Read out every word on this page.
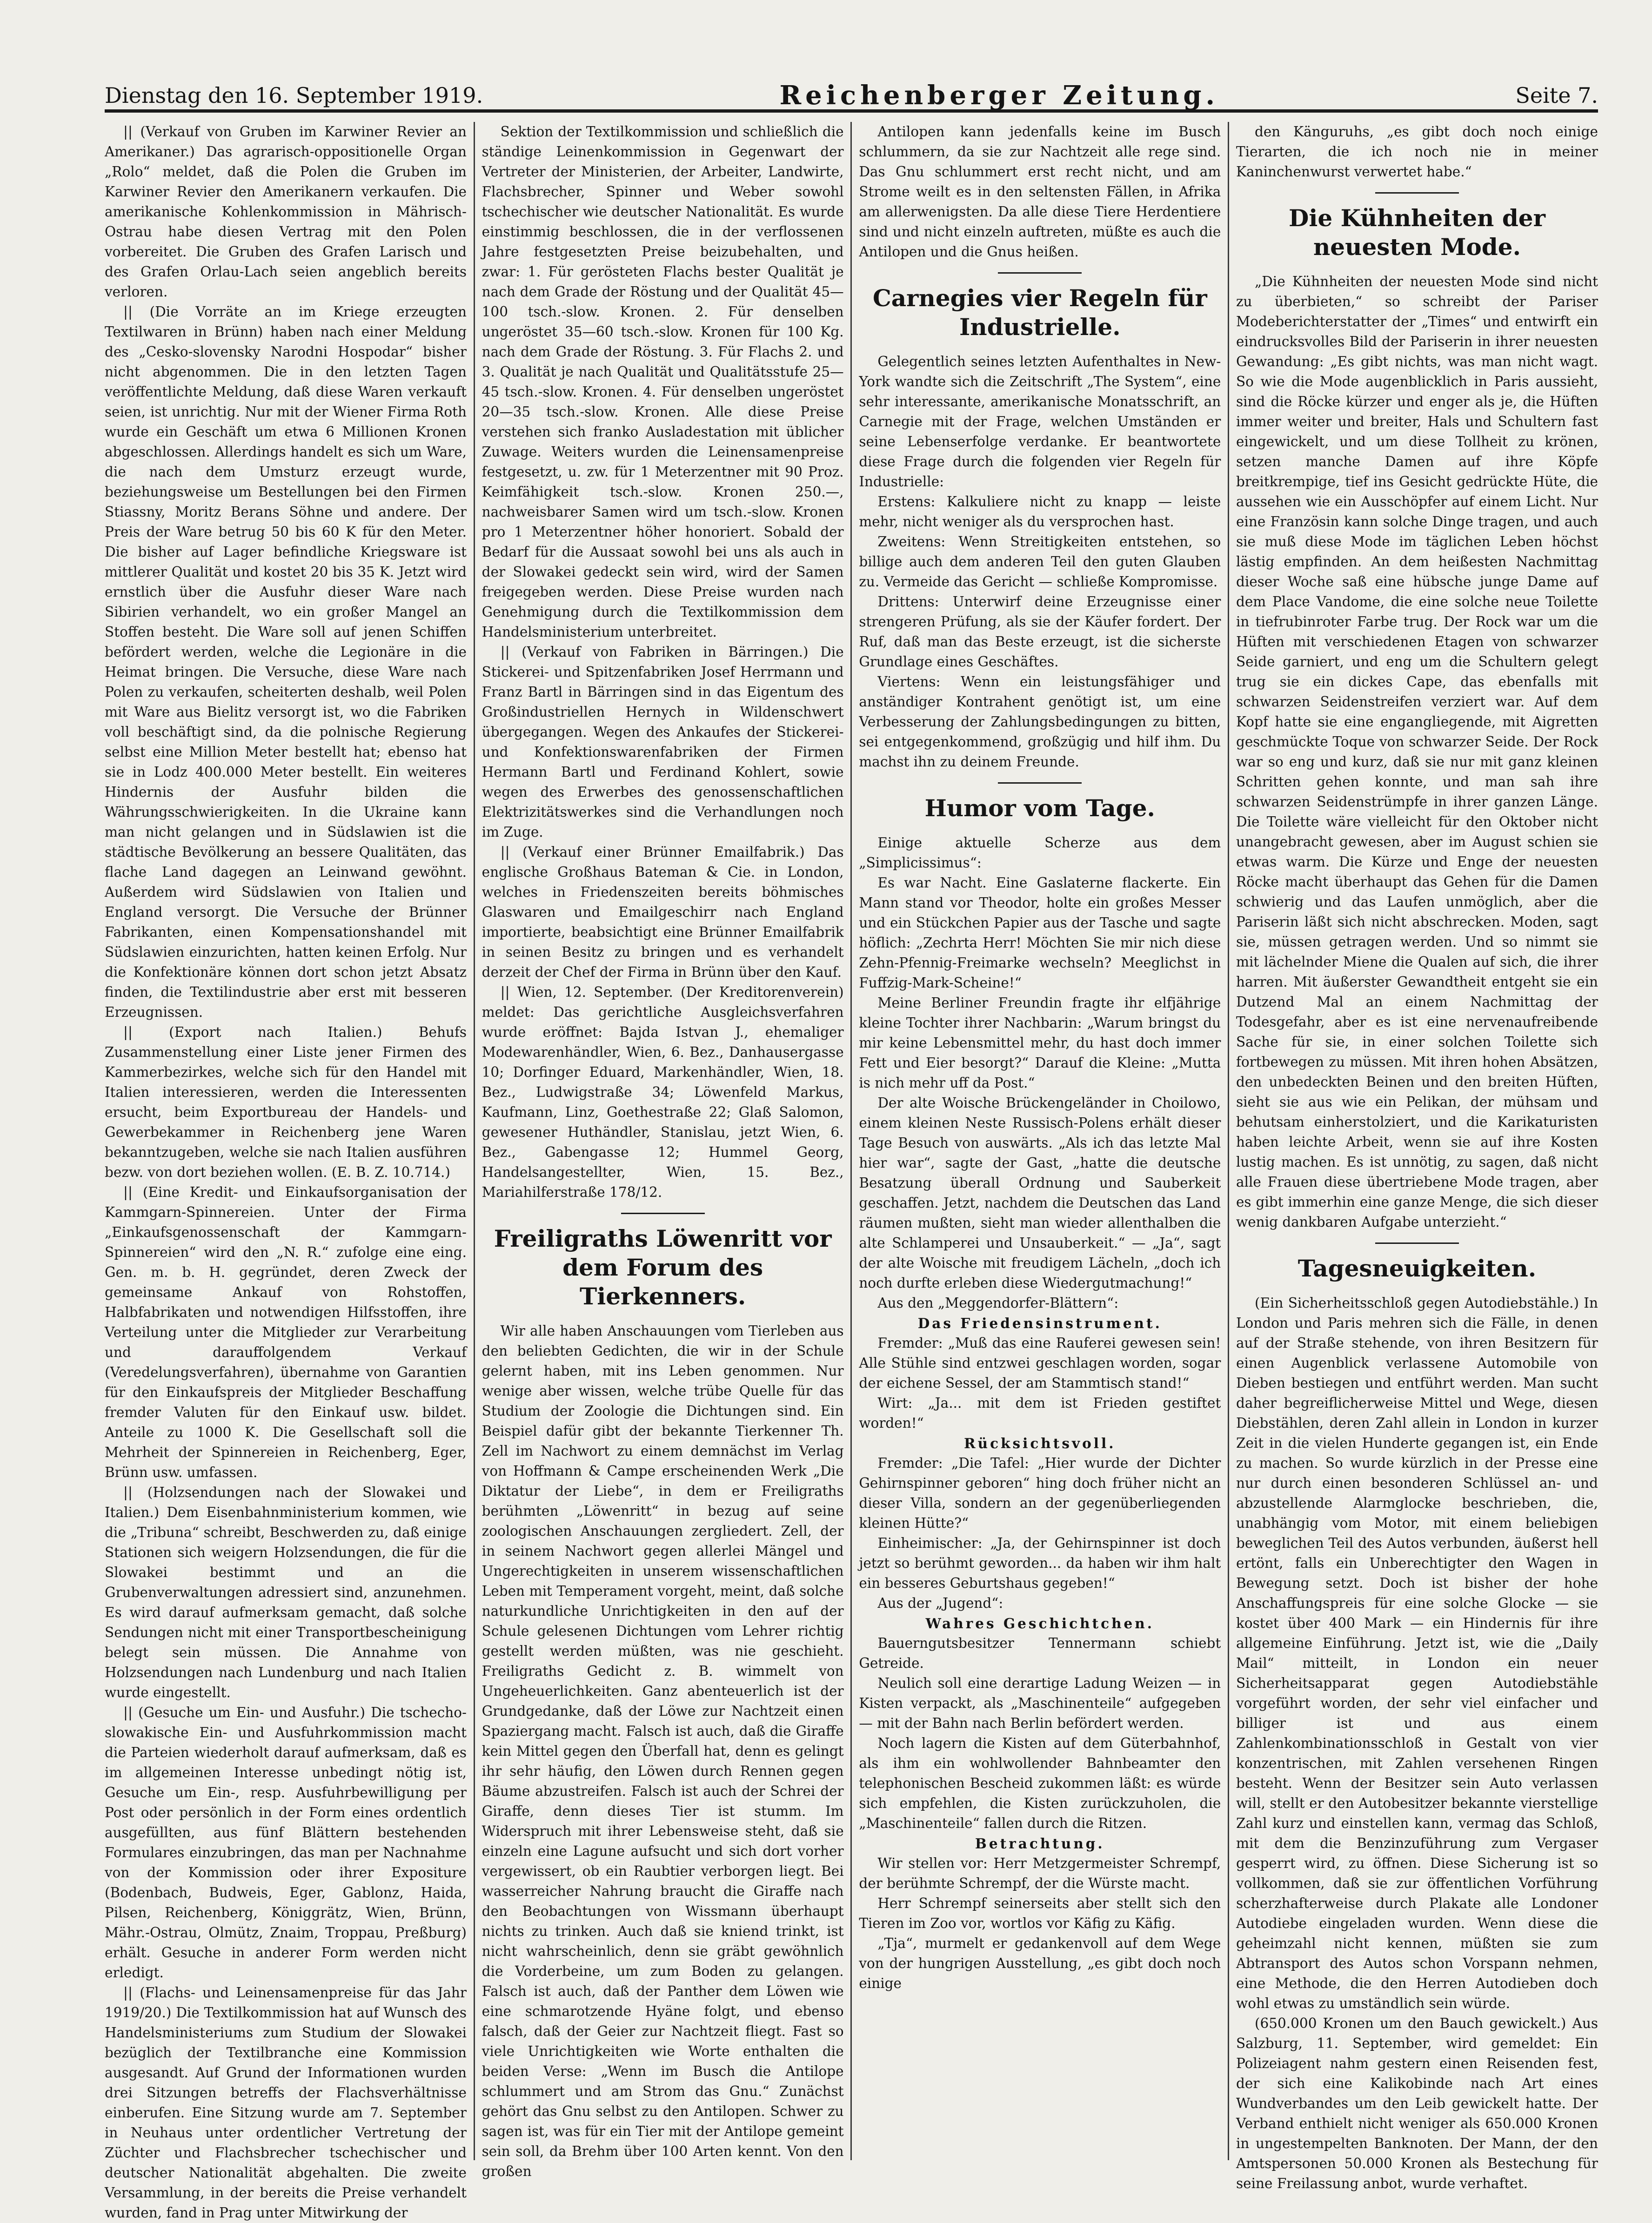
Dienstag den 16. September 1919.	Reichenberger Zeitung.	Seite 7.

|| (Verkauf von Gruben im Karwiner Revier an Amerikaner.) Das agrarisch-oppositionelle Organ „Rolo“ meldet, daß die Polen die Gruben im Karwiner Revier den Amerikanern verkaufen. Die amerikanische Kohlenkommission in Mährisch-Ostrau habe diesen Vertrag mit den Polen vorbereitet. Die Gruben des Grafen Larisch und des Grafen Orlau-Lach seien angeblich bereits verloren.

|| (Die Vorräte an im Kriege erzeugten Textilwaren in Brünn) haben nach einer Meldung des „Cesko-slovensky Narodni Hospodar“ bisher nicht abgenommen. Die in den letzten Tagen veröffentlichte Meldung, daß diese Waren verkauft seien, ist unrichtig. Nur mit der Wiener Firma Roth wurde ein Geschäft um etwa 6 Millionen Kronen abgeschlossen. Allerdings handelt es sich um Ware, die nach dem Umsturz erzeugt wurde, beziehungsweise um Bestellungen bei den Firmen Stiassny, Moritz Berans Söhne und andere. Der Preis der Ware betrug 50 bis 60 K für den Meter. Die bisher auf Lager befindliche Kriegsware ist mittlerer Qualität und kostet 20 bis 35 K. Jetzt wird ernstlich über die Ausfuhr dieser Ware nach Sibirien verhandelt, wo ein großer Mangel an Stoffen besteht. Die Ware soll auf jenen Schiffen befördert werden, welche die Legionäre in die Heimat bringen. Die Versuche, diese Ware nach Polen zu verkaufen, scheiterten deshalb, weil Polen mit Ware aus Bielitz versorgt ist, wo die Fabriken voll beschäftigt sind, da die polnische Regierung selbst eine Million Meter bestellt hat; ebenso hat sie in Lodz 400.000 Meter bestellt. Ein weiteres Hindernis der Ausfuhr bilden die Währungsschwierigkeiten. In die Ukraine kann man nicht gelangen und in Südslawien ist die städtische Bevölkerung an bessere Qualitäten, das flache Land dagegen an Leinwand gewöhnt. Außerdem wird Südslawien von Italien und England versorgt. Die Versuche der Brünner Fabrikanten, einen Kompensationshandel mit Südslawien einzurichten, hatten keinen Erfolg. Nur die Konfektionäre können dort schon jetzt Absatz finden, die Textilindustrie aber erst mit besseren Erzeugnissen.

|| (Export nach Italien.) Behufs Zusammenstellung einer Liste jener Firmen des Kammerbezirkes, welche sich für den Handel mit Italien interessieren, werden die Interessenten ersucht, beim Exportbureau der Handels- und Gewerbekammer in Reichenberg jene Waren bekanntzugeben, welche sie nach Italien ausführen bezw. von dort beziehen wollen. (E. B. Z. 10.714.)

|| (Eine Kredit- und Einkaufsorganisation der Kammgarn-Spinnereien. Unter der Firma „Einkaufsgenossenschaft der Kammgarn-Spinnereien“ wird den „N. R.“ zufolge eine eing. Gen. m. b. H. gegründet, deren Zweck der gemeinsame Ankauf von Rohstoffen, Halbfabrikaten und notwendigen Hilfsstoffen, ihre Verteilung unter die Mitglieder zur Verarbeitung und darauffolgendem Verkauf (Veredelungsverfahren), übernahme von Garantien für den Einkaufspreis der Mitglieder Beschaffung fremder Valuten für den Einkauf usw. bildet. Anteile zu 1000 K. Die Gesellschaft soll die Mehrheit der Spinnereien in Reichenberg, Eger, Brünn usw. umfassen.

|| (Holzsendungen nach der Slowakei und Italien.) Dem Eisenbahnministerium kommen, wie die „Tribuna“ schreibt, Beschwerden zu, daß einige Stationen sich weigern Holzsendungen, die für die Slowakei bestimmt und an die Grubenverwaltungen adressiert sind, anzunehmen. Es wird darauf aufmerksam gemacht, daß solche Sendungen nicht mit einer Transportbescheinigung belegt sein müssen. Die Annahme von Holzsendungen nach Lundenburg und nach Italien wurde eingestellt.

|| (Gesuche um Ein- und Ausfuhr.) Die tschecho-slowakische Ein- und Ausfuhrkommission macht die Parteien wiederholt darauf aufmerksam, daß es im allgemeinen Interesse unbedingt nötig ist, Gesuche um Ein-, resp. Ausfuhrbewilligung per Post oder persönlich in der Form eines ordentlich ausgefüllten, aus fünf Blättern bestehenden Formulares einzubringen, das man per Nachnahme von der Kommission oder ihrer Expositure (Bodenbach, Budweis, Eger, Gablonz, Haida, Pilsen, Reichenberg, Königgrätz, Wien, Brünn, Mähr.-Ostrau, Olmütz, Znaim, Troppau, Preßburg) erhält. Gesuche in anderer Form werden nicht erledigt.

|| (Flachs- und Leinensamenpreise für das Jahr 1919/20.) Die Textilkommission hat auf Wunsch des Handelsministeriums zum Studium der Slowakei bezüglich der Textilbranche eine Kommission ausgesandt. Auf Grund der Informationen wurden drei Sitzungen betreffs der Flachsverhältnisse einberufen. Eine Sitzung wurde am 7. September in Neuhaus unter ordentlicher Vertretung der Züchter und Flachsbrecher tschechischer und deutscher Nationalität abgehalten. Die zweite Versammlung, in der bereits die Preise verhandelt wurden, fand in Prag unter Mitwirkung der

Sektion der Textilkommission und schließlich die ständige Leinenkommission in Gegenwart der Vertreter der Ministerien, der Arbeiter, Landwirte, Flachsbrecher, Spinner und Weber sowohl tschechischer wie deutscher Nationalität. Es wurde einstimmig beschlossen, die in der verflossenen Jahre festgesetzten Preise beizubehalten, und zwar: 1. Für gerösteten Flachs bester Qualität je nach dem Grade der Röstung und der Qualität 45—100 tsch.-slow. Kronen. 2. Für denselben ungeröstet 35—60 tsch.-slow. Kronen für 100 Kg. nach dem Grade der Röstung. 3. Für Flachs 2. und 3. Qualität je nach Qualität und Qualitätsstufe 25—45 tsch.-slow. Kronen. 4. Für denselben ungeröstet 20—35 tsch.-slow. Kronen. Alle diese Preise verstehen sich franko Ausladestation mit üblicher Zuwage. Weiters wurden die Leinensamenpreise festgesetzt, u. zw. für 1 Meterzentner mit 90 Proz. Keimfähigkeit tsch.-slow. Kronen 250.—, nachweisbarer Samen wird um tsch.-slow. Kronen pro 1 Meterzentner höher honoriert. Sobald der Bedarf für die Aussaat sowohl bei uns als auch in der Slowakei gedeckt sein wird, wird der Samen freigegeben werden. Diese Preise wurden nach Genehmigung durch die Textilkommission dem Handelsministerium unterbreitet.

|| (Verkauf von Fabriken in Bärringen.) Die Stickerei- und Spitzenfabriken Josef Herrmann und Franz Bartl in Bärringen sind in das Eigentum des Großindustriellen Hernych in Wildenschwert übergegangen. Wegen des Ankaufes der Stickerei- und Konfektionswarenfabriken der Firmen Hermann Bartl und Ferdinand Kohlert, sowie wegen des Erwerbes des genossenschaftlichen Elektrizitätswerkes sind die Verhandlungen noch im Zuge.

|| (Verkauf einer Brünner Emailfabrik.) Das englische Großhaus Bateman & Cie. in London, welches in Friedenszeiten bereits böhmisches Glaswaren und Emailgeschirr nach England importierte, beabsichtigt eine Brünner Emailfabrik in seinen Besitz zu bringen und es verhandelt derzeit der Chef der Firma in Brünn über den Kauf.

|| Wien, 12. September. (Der Kreditorenverein) meldet: Das gerichtliche Ausgleichsverfahren wurde eröffnet: Bajda Istvan J., ehemaliger Modewarenhändler, Wien, 6. Bez., Danhausergasse 10; Dorfinger Eduard, Markenhändler, Wien, 18. Bez., Ludwigstraße 34; Löwenfeld Markus, Kaufmann, Linz, Goethestraße 22; Glaß Salomon, gewesener Huthändler, Stanislau, jetzt Wien, 6. Bez., Gabengasse 12; Hummel Georg, Handelsangestellter, Wien, 15. Bez., Mariahilferstraße 178/12.

Freiligraths Löwenritt vor dem Forum des Tierkenners.

Wir alle haben Anschauungen vom Tierleben aus den beliebten Gedichten, die wir in der Schule gelernt haben, mit ins Leben genommen. Nur wenige aber wissen, welche trübe Quelle für das Studium der Zoologie die Dichtungen sind. Ein Beispiel dafür gibt der bekannte Tierkenner Th. Zell im Nachwort zu einem demnächst im Verlag von Hoffmann & Campe erscheinenden Werk „Die Diktatur der Liebe“, in dem er Freiligraths berühmten „Löwenritt“ in bezug auf seine zoologischen Anschauungen zergliedert. Zell, der in seinem Nachwort gegen allerlei Mängel und Ungerechtigkeiten in unserem wissenschaftlichen Leben mit Temperament vorgeht, meint, daß solche naturkundliche Unrichtigkeiten in den auf der Schule gelesenen Dichtungen vom Lehrer richtig gestellt werden müßten, was nie geschieht. Freiligraths Gedicht z. B. wimmelt von Ungeheuerlichkeiten. Ganz abenteuerlich ist der Grundgedanke, daß der Löwe zur Nachtzeit einen Spaziergang macht. Falsch ist auch, daß die Giraffe kein Mittel gegen den Überfall hat, denn es gelingt ihr sehr häufig, den Löwen durch Rennen gegen Bäume abzustreifen. Falsch ist auch der Schrei der Giraffe, denn dieses Tier ist stumm. Im Widerspruch mit ihrer Lebensweise steht, daß sie einzeln eine Lagune aufsucht und sich dort vorher vergewissert, ob ein Raubtier verborgen liegt. Bei wasserreicher Nahrung braucht die Giraffe nach den Beobachtungen von Wissmann überhaupt nichts zu trinken. Auch daß sie kniend trinkt, ist nicht wahrscheinlich, denn sie gräbt gewöhnlich die Vorderbeine, um zum Boden zu gelangen. Falsch ist auch, daß der Panther dem Löwen wie eine schmarotzende Hyäne folgt, und ebenso falsch, daß der Geier zur Nachtzeit fliegt. Fast so viele Unrichtigkeiten wie Worte enthalten die beiden Verse: „Wenn im Busch die Antilope schlummert und am Strom das Gnu.“ Zunächst gehört das Gnu selbst zu den Antilopen. Schwer zu sagen ist, was für ein Tier mit der Antilope gemeint sein soll, da Brehm über 100 Arten kennt. Von den großen

Antilopen kann jedenfalls keine im Busch schlummern, da sie zur Nachtzeit alle rege sind. Das Gnu schlummert erst recht nicht, und am Strome weilt es in den seltensten Fällen, in Afrika am allerwenigsten. Da alle diese Tiere Herdentiere sind und nicht einzeln auftreten, müßte es auch die Antilopen und die Gnus heißen.

Carnegies vier Regeln für Industrielle.

Gelegentlich seines letzten Aufenthaltes in New-York wandte sich die Zeitschrift „The System“, eine sehr interessante, amerikanische Monatsschrift, an Carnegie mit der Frage, welchen Umständen er seine Lebenserfolge verdanke. Er beantwortete diese Frage durch die folgenden vier Regeln für Industrielle:

Erstens: Kalkuliere nicht zu knapp — leiste mehr, nicht weniger als du versprochen hast.

Zweitens: Wenn Streitigkeiten entstehen, so billige auch dem anderen Teil den guten Glauben zu. Vermeide das Gericht — schließe Kompromisse.

Drittens: Unterwirf deine Erzeugnisse einer strengeren Prüfung, als sie der Käufer fordert. Der Ruf, daß man das Beste erzeugt, ist die sicherste Grundlage eines Geschäftes.

Viertens: Wenn ein leistungsfähiger und anständiger Kontrahent genötigt ist, um eine Verbesserung der Zahlungsbedingungen zu bitten, sei entgegenkommend, großzügig und hilf ihm. Du machst ihn zu deinem Freunde.

Humor vom Tage.

Einige aktuelle Scherze aus dem „Simplicissimus“:

Es war Nacht. Eine Gaslaterne flackerte. Ein Mann stand vor Theodor, holte ein großes Messer und ein Stückchen Papier aus der Tasche und sagte höflich: „Zechrta Herr! Möchten Sie mir nich diese Zehn-Pfennig-Freimarke wechseln? Meeglichst in Fuffzig-Mark-Scheine!“

Meine Berliner Freundin fragte ihr elfjährige kleine Tochter ihrer Nachbarin: „Warum bringst du mir keine Lebensmittel mehr, du hast doch immer Fett und Eier besorgt?“ Darauf die Kleine: „Mutta is nich mehr uff da Post.“

Der alte Woische Brückengeländer in Choilowo, einem kleinen Neste Russisch-Polens erhält dieser Tage Besuch von auswärts. „Als ich das letzte Mal hier war“, sagte der Gast, „hatte die deutsche Besatzung überall Ordnung und Sauberkeit geschaffen. Jetzt, nachdem die Deutschen das Land räumen mußten, sieht man wieder allenthalben die alte Schlamperei und Unsauberkeit.“ — „Ja“, sagt der alte Woische mit freudigem Lächeln, „doch ich noch durfte erleben diese Wiedergutmachung!“

Aus den „Meggendorfer-Blättern“:

Das Friedensinstrument.

Fremder: „Muß das eine Rauferei gewesen sein! Alle Stühle sind entzwei geschlagen worden, sogar der eichene Sessel, der am Stammtisch stand!“

Wirt: „Ja... mit dem ist Frieden gestiftet worden!“

Rücksichtsvoll.

Fremder: „Die Tafel: „Hier wurde der Dichter Gehirnspinner geboren“ hing doch früher nicht an dieser Villa, sondern an der gegenüberliegenden kleinen Hütte?“

Einheimischer: „Ja, der Gehirnspinner ist doch jetzt so berühmt geworden... da haben wir ihm halt ein besseres Geburtshaus gegeben!“

Aus der „Jugend“:

Wahres Geschichtchen.

Bauerngutsbesitzer Tennermann schiebt Getreide.

Neulich soll eine derartige Ladung Weizen — in Kisten verpackt, als „Maschinenteile“ aufgegeben — mit der Bahn nach Berlin befördert werden.

Noch lagern die Kisten auf dem Güterbahnhof, als ihm ein wohlwollender Bahnbeamter den telephonischen Bescheid zukommen läßt: es würde sich empfehlen, die Kisten zurückzuholen, die „Maschinenteile“ fallen durch die Ritzen.

Betrachtung.

Wir stellen vor: Herr Metzgermeister Schrempf, der berühmte Schrempf, der die Würste macht.

Herr Schrempf seinerseits aber stellt sich den Tieren im Zoo vor, wortlos vor Käfig zu Käfig.

„Tja“, murmelt er gedankenvoll auf dem Wege von der hungrigen Ausstellung, „es gibt doch noch einige

den Känguruhs, „es gibt doch noch einige Tierarten, die ich noch nie in meiner Kaninchenwurst verwertet habe.“

Die Kühnheiten der neuesten Mode.

„Die Kühnheiten der neuesten Mode sind nicht zu überbieten,“ so schreibt der Pariser Modeberichterstatter der „Times“ und entwirft ein eindrucksvolles Bild der Pariserin in ihrer neuesten Gewandung: „Es gibt nichts, was man nicht wagt. So wie die Mode augenblicklich in Paris aussieht, sind die Röcke kürzer und enger als je, die Hüften immer weiter und breiter, Hals und Schultern fast eingewickelt, und um diese Tollheit zu krönen, setzen manche Damen auf ihre Köpfe breitkrempige, tief ins Gesicht gedrückte Hüte, die aussehen wie ein Ausschöpfer auf einem Licht. Nur eine Französin kann solche Dinge tragen, und auch sie muß diese Mode im täglichen Leben höchst lästig empfinden. An dem heißesten Nachmittag dieser Woche saß eine hübsche junge Dame auf dem Place Vandome, die eine solche neue Toilette in tiefrubinroter Farbe trug. Der Rock war um die Hüften mit verschiedenen Etagen von schwarzer Seide garniert, und eng um die Schultern gelegt trug sie ein dickes Cape, das ebenfalls mit schwarzen Seidenstreifen verziert war. Auf dem Kopf hatte sie eine engangliegende, mit Aigretten geschmückte Toque von schwarzer Seide. Der Rock war so eng und kurz, daß sie nur mit ganz kleinen Schritten gehen konnte, und man sah ihre schwarzen Seidenstrümpfe in ihrer ganzen Länge. Die Toilette wäre vielleicht für den Oktober nicht unangebracht gewesen, aber im August schien sie etwas warm. Die Kürze und Enge der neuesten Röcke macht überhaupt das Gehen für die Damen schwierig und das Laufen unmöglich, aber die Pariserin läßt sich nicht abschrecken. Moden, sagt sie, müssen getragen werden. Und so nimmt sie mit lächelnder Miene die Qualen auf sich, die ihrer harren. Mit äußerster Gewandtheit entgeht sie ein Dutzend Mal an einem Nachmittag der Todesgefahr, aber es ist eine nervenaufreibende Sache für sie, in einer solchen Toilette sich fortbewegen zu müssen. Mit ihren hohen Absätzen, den unbedeckten Beinen und den breiten Hüften, sieht sie aus wie ein Pelikan, der mühsam und behutsam einherstolziert, und die Karikaturisten haben leichte Arbeit, wenn sie auf ihre Kosten lustig machen. Es ist unnötig, zu sagen, daß nicht alle Frauen diese übertriebene Mode tragen, aber es gibt immerhin eine ganze Menge, die sich dieser wenig dankbaren Aufgabe unterzieht.“

Tagesneuigkeiten.

(Ein Sicherheitsschloß gegen Autodiebstähle.) In London und Paris mehren sich die Fälle, in denen auf der Straße stehende, von ihren Besitzern für einen Augenblick verlassene Automobile von Dieben bestiegen und entführt werden. Man sucht daher begreiflicherweise Mittel und Wege, diesen Diebstählen, deren Zahl allein in London in kurzer Zeit in die vielen Hunderte gegangen ist, ein Ende zu machen. So wurde kürzlich in der Presse eine nur durch einen besonderen Schlüssel an- und abzustellende Alarmglocke beschrieben, die, unabhängig vom Motor, mit einem beliebigen beweglichen Teil des Autos verbunden, äußerst hell ertönt, falls ein Unberechtigter den Wagen in Bewegung setzt. Doch ist bisher der hohe Anschaffungspreis für eine solche Glocke — sie kostet über 400 Mark — ein Hindernis für ihre allgemeine Einführung. Jetzt ist, wie die „Daily Mail“ mitteilt, in London ein neuer Sicherheitsapparat gegen Autodiebstähle vorgeführt worden, der sehr viel einfacher und billiger ist und aus einem Zahlenkombinationsschloß in Gestalt von vier konzentrischen, mit Zahlen versehenen Ringen besteht. Wenn der Besitzer sein Auto verlassen will, stellt er den Autobesitzer bekannte vierstellige Zahl kurz und einstellen kann, vermag das Schloß, mit dem die Benzinzuführung zum Vergaser gesperrt wird, zu öffnen. Diese Sicherung ist so vollkommen, daß sie zur öffentlichen Vorführung scherzhafterweise durch Plakate alle Londoner Autodiebe eingeladen wurden. Wenn diese die geheimzahl nicht kennen, müßten sie zum Abtransport des Autos schon Vorspann nehmen, eine Methode, die den Herren Autodieben doch wohl etwas zu umständlich sein würde.

(650.000 Kronen um den Bauch gewickelt.) Aus Salzburg, 11. September, wird gemeldet: Ein Polizeiagent nahm gestern einen Reisenden fest, der sich eine Kalikobinde nach Art eines Wundverbandes um den Leib gewickelt hatte. Der Verband enthielt nicht weniger als 650.000 Kronen in ungestempelten Banknoten. Der Mann, der den Amtspersonen 50.000 Kronen als Bestechung für seine Freilassung anbot, wurde verhaftet.
